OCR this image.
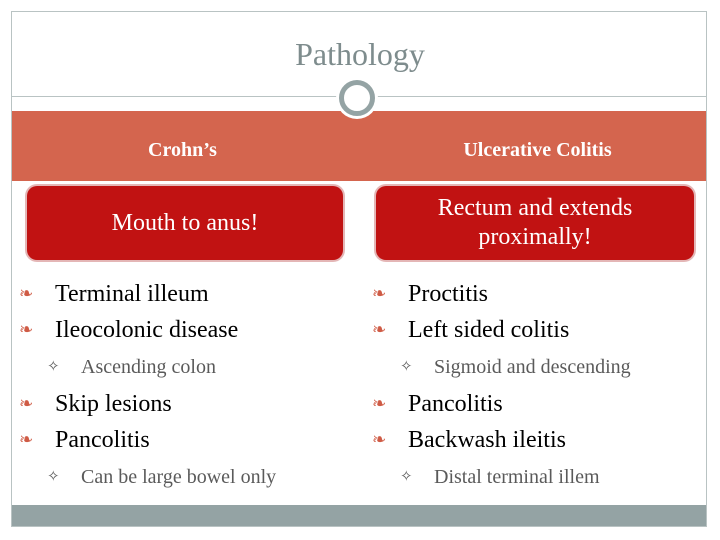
Pathology
Crohn’s	Ulcerative Colitis
Mouth to anus!
Rectum and extends proximally!
❧ Terminal illeum
❧ Ileocolonic disease
✧ Ascending colon
❧ Skip lesions
❧ Pancolitis
✧ Can be large bowel only
❧ Proctitis
❧ Left sided colitis
✧ Sigmoid and descending
❧ Pancolitis
❧ Backwash ileitis
✧ Distal terminal illem
